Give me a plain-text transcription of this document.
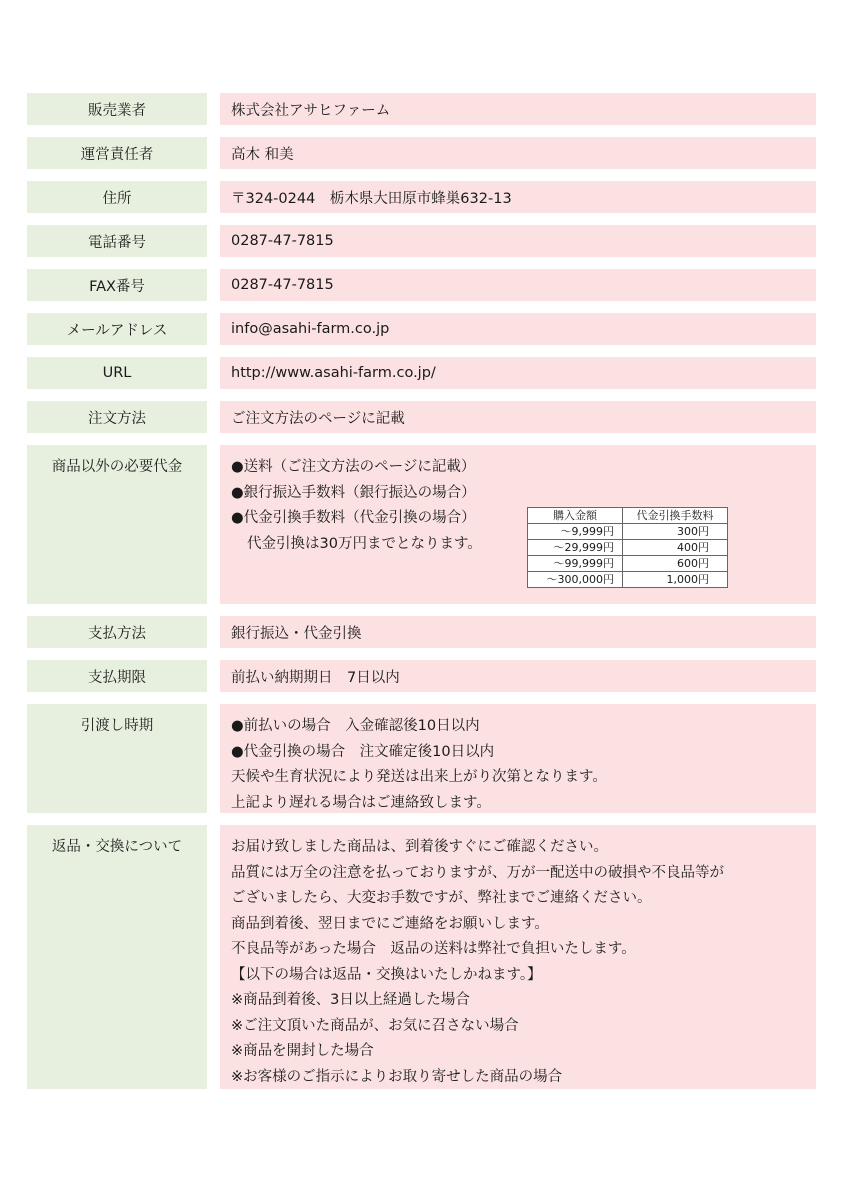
販売業者	株式会社アサヒファーム
運営責任者	高木 和美
住所	〒324-0244　栃木県大田原市蜂巣632-13
電話番号	0287-47-7815
FAX番号	0287-47-7815
メールアドレス	info@asahi-farm.co.jp
URL	http://www.asahi-farm.co.jp/
注文方法	ご注文方法のページに記載
商品以外の必要代金	●送料（ご注文方法のページに記載）
●銀行振込手数料（銀行振込の場合）
●代金引換手数料（代金引換の場合）
代金引換は30万円までとなります。
購入金額	代金引換手数料
～9,999円	300円
～29,999円	400円
～99,999円	600円
～300,000円	1,000円
支払方法	銀行振込・代金引換
支払期限	前払い納期期日　7日以内
引渡し時期	●前払いの場合　入金確認後10日以内
●代金引換の場合　注文確定後10日以内
天候や生育状況により発送は出来上がり次第となります。
上記より遅れる場合はご連絡致します。
返品・交換について	お届け致しました商品は、到着後すぐにご確認ください。
品質には万全の注意を払っておりますが、万が一配送中の破損や不良品等が
ございましたら、大変お手数ですが、弊社までご連絡ください。
商品到着後、翌日までにご連絡をお願いします。
不良品等があった場合　返品の送料は弊社で負担いたします。
【以下の場合は返品・交換はいたしかねます。】
※商品到着後、3日以上経過した場合
※ご注文頂いた商品が、お気に召さない場合
※商品を開封した場合
※お客様のご指示によりお取り寄せした商品の場合
